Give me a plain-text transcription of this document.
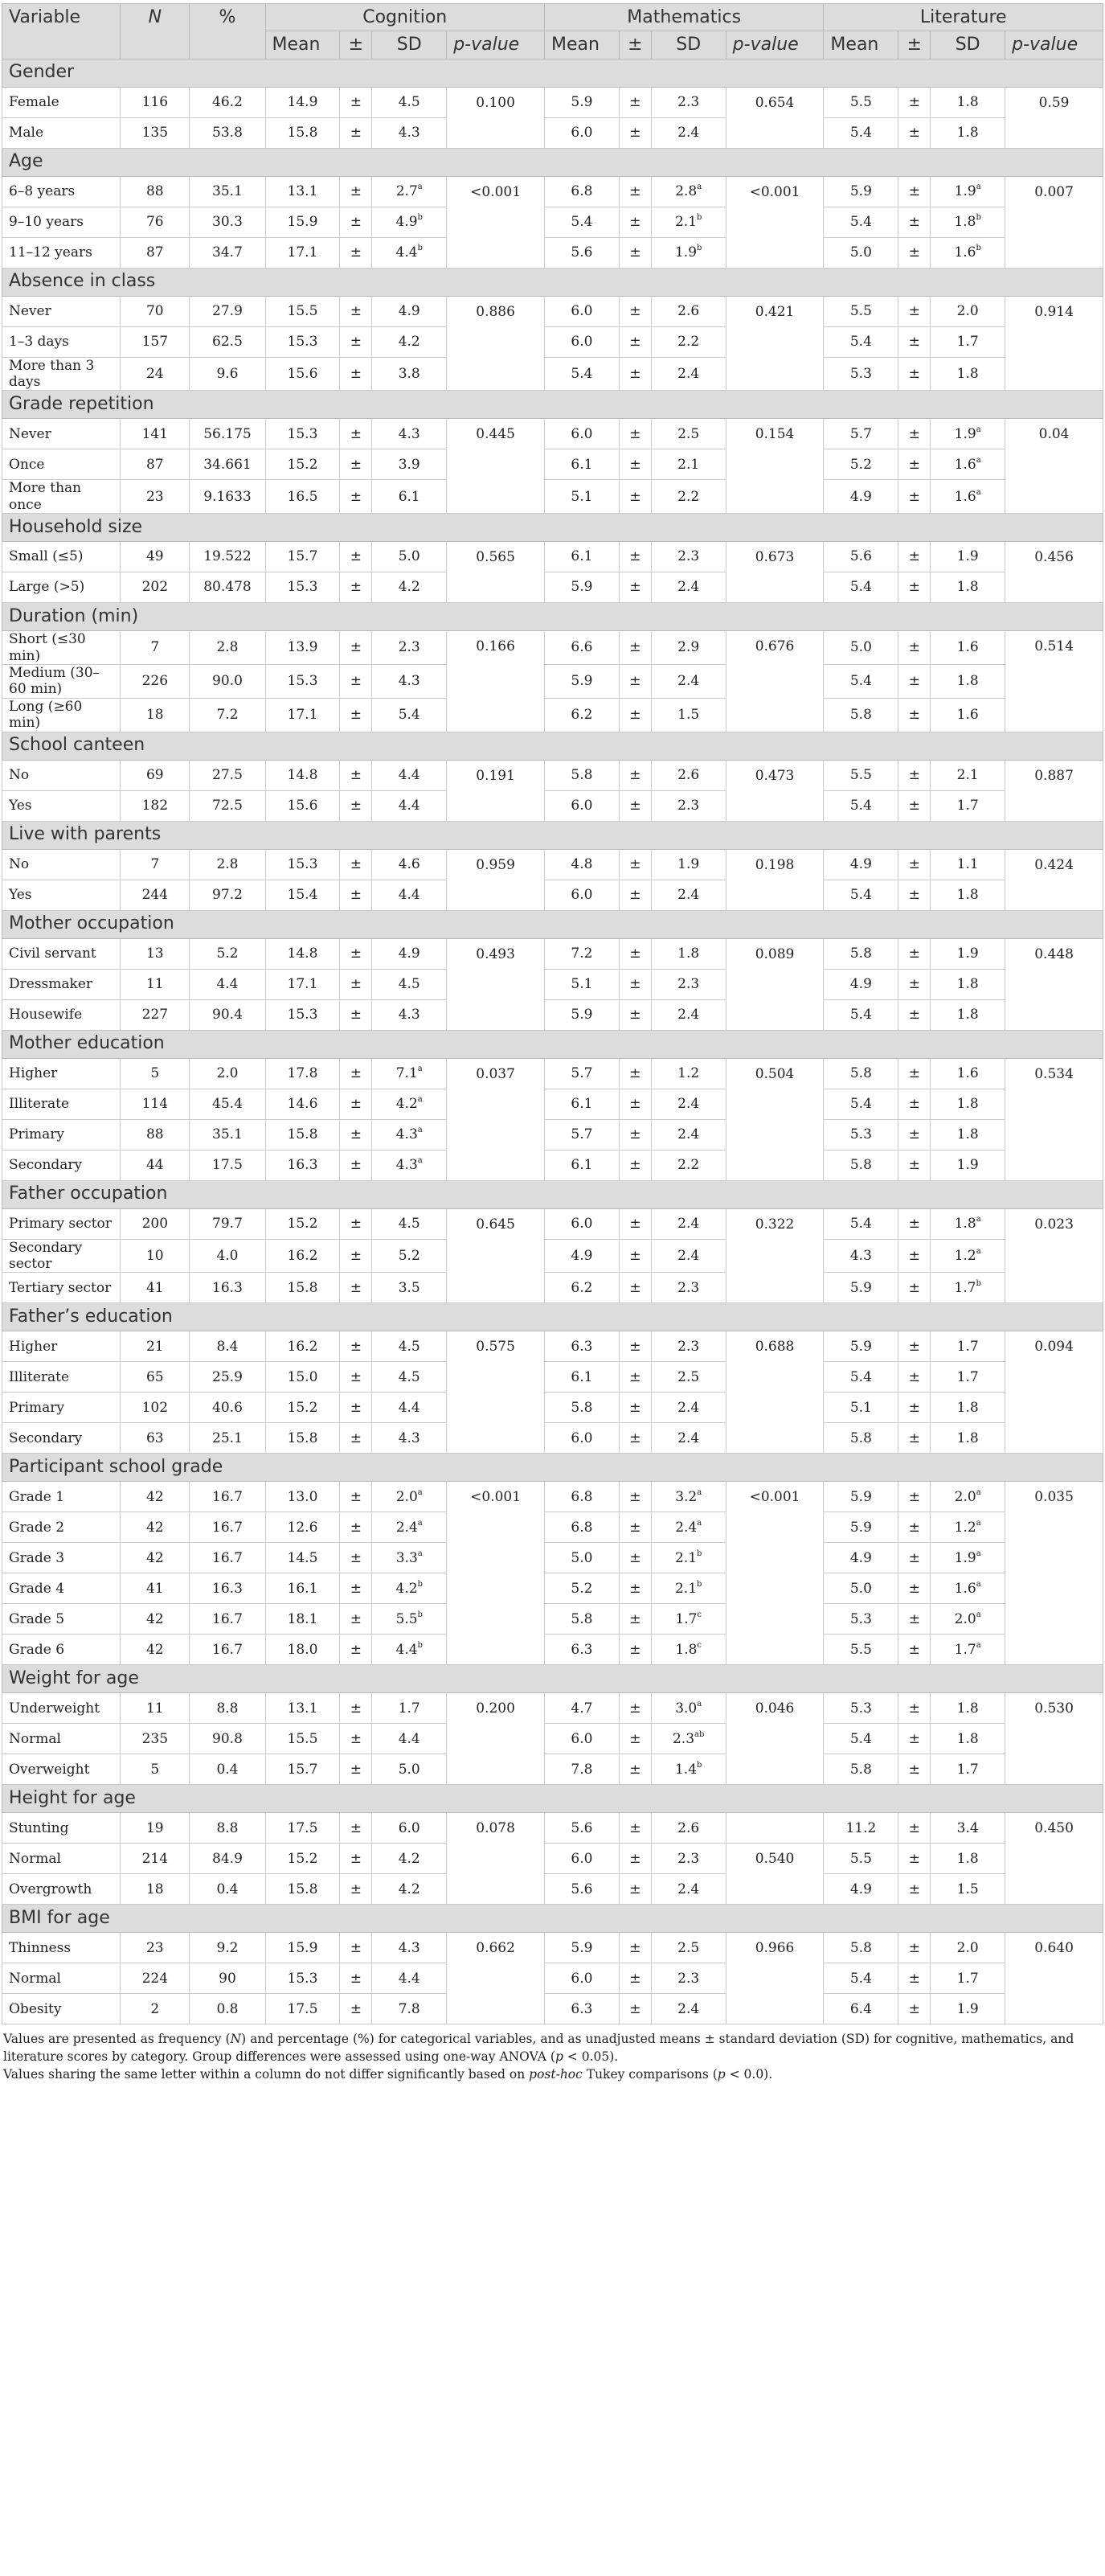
Variable	N	%	Cognition				Mathematics				Literature			
			Mean	±	SD	p-value	Mean	±	SD	p-value	Mean	±	SD	p-value
Gender														
Female	116	46.2	14.9	±	4.5	0.100	5.9	±	2.3	0.654	5.5	±	1.8	0.59
Male	135	53.8	15.8	±	4.3		6.0	±	2.4		5.4	±	1.8	
Age														
6–8 years	88	35.1	13.1	±	2.7$^a$	<0.001	6.8	±	2.8$^a$	<0.001	5.9	±	1.9$^a$	0.007
9–10 years	76	30.3	15.9	±	4.9$^b$		5.4	±	2.1$^b$		5.4	±	1.8$^b$
11–12 years	87	34.7	17.1	±	4.4$^b$		5.6	±	1.9$^b$		5.0	±	1.6$^b$
Absence in class														
Never	70	27.9	15.5	±	4.9	0.886	6.0	±	2.6	0.421	5.5	±	2.0	0.914
1–3 days	157	62.5	15.3	±	4.2		6.0	±	2.2		5.4	±	1.7	
More than 3 days	24	9.6	15.6	±	3.8		5.4	±	2.4		5.3	±	1.8	
Grade repetition														
Never	141	56.175	15.3	±	4.3	0.445	6.0	±	2.5	0.154	5.7	±	1.9$^a$	0.04
Once	87	34.661	15.2	±	3.9		6.1	±	2.1		5.2	±	1.6$^a$
More than once	23	9.1633	16.5	±	6.1		5.1	±	2.2		4.9	±	1.6$^a$
Household size														
Small (≤5)	49	19.522	15.7	±	5.0	0.565	6.1	±	2.3	0.673	5.6	±	1.9	0.456
Large (>5)	202	80.478	15.3	±	4.2		5.9	±	2.4		5.4	±	1.8	
Duration (min)														
Short (≤30 min)	7	2.8	13.9	±	2.3	0.166	6.6	±	2.9	0.676	5.0	±	1.6	0.514
Medium (30–60 min)	226	90.0	15.3	±	4.3		5.9	±	2.4		5.4	±	1.8	
Long (≥60 min)	18	7.2	17.1	±	5.4		6.2	±	1.5		5.8	±	1.6	
School canteen														
No	69	27.5	14.8	±	4.4	0.191	5.8	±	2.6	0.473	5.5	±	2.1	0.887
Yes	182	72.5	15.6	±	4.4		6.0	±	2.3		5.4	±	1.7	
Live with parents														
No	7	2.8	15.3	±	4.6	0.959	4.8	±	1.9	0.198	4.9	±	1.1	0.424
Yes	244	97.2	15.4	±	4.4		6.0	±	2.4		5.4	±	1.8	
Mother occupation														
Civil servant	13	5.2	14.8	±	4.9	0.493	7.2	±	1.8	0.089	5.8	±	1.9	0.448
Dressmaker	11	4.4	17.1	±	4.5		5.1	±	2.3		4.9	±	1.8	
Housewife	227	90.4	15.3	±	4.3		5.9	±	2.4		5.4	±	1.8	
Mother education														
Higher	5	2.0	17.8	±	7.1$^a$	0.037	5.7	±	1.2	0.504	5.8	±	1.6	0.534
Illiterate	114	45.4	14.6	±	4.2$^a$		6.1	±	2.4		5.4	±	1.8	
Primary	88	35.1	15.8	±	4.3$^a$		5.7	±	2.4		5.3	±	1.8	
Secondary	44	17.5	16.3	±	4.3$^a$		6.1	±	2.2		5.8	±	1.9	
Father occupation														
Primary sector	200	79.7	15.2	±	4.5	0.645	6.0	±	2.4	0.322	5.4	±	1.8$^a$	0.023
Secondary sector	10	4.0	16.2	±	5.2		4.9	±	2.4		4.3	±	1.2$^a$
Tertiary sector	41	16.3	15.8	±	3.5		6.2	±	2.3		5.9	±	1.7$^b$
Father’s education														
Higher	21	8.4	16.2	±	4.5	0.575	6.3	±	2.3	0.688	5.9	±	1.7	0.094
Illiterate	65	25.9	15.0	±	4.5		6.1	±	2.5		5.4	±	1.7	
Primary	102	40.6	15.2	±	4.4		5.8	±	2.4		5.1	±	1.8	
Secondary	63	25.1	15.8	±	4.3		6.0	±	2.4		5.8	±	1.8	
Participant school grade														
Grade 1	42	16.7	13.0	±	2.0$^a$	<0.001	6.8	±	3.2$^a$	<0.001	5.9	±	2.0$^a$	0.035
Grade 2	42	16.7	12.6	±	2.4$^a$		6.8	±	2.4$^a$		5.9	±	1.2$^a$
Grade 3	42	16.7	14.5	±	3.3$^a$		5.0	±	2.1$^b$		4.9	±	1.9$^a$
Grade 4	41	16.3	16.1	±	4.2$^b$		5.2	±	2.1$^b$		5.0	±	1.6$^a$
Grade 5	42	16.7	18.1	±	5.5$^b$		5.8	±	1.7$^c$		5.3	±	2.0$^a$
Grade 6	42	16.7	18.0	±	4.4$^b$		6.3	±	1.8$^c$		5.5	±	1.7$^a$
Weight for age														
Underweight	11	8.8	13.1	±	1.7	0.200	4.7	±	3.0$^a$	0.046	5.3	±	1.8	0.530
Normal	235	90.8	15.5	±	4.4		6.0	±	2.3$^{ab}$		5.4	±	1.8	
Overweight	5	0.4	15.7	±	5.0		7.8	±	1.4$^b$		5.8	±	1.7	
Height for age														
Stunting	19	8.8	17.5	±	6.0	0.078	5.6	±	2.6		11.2	±	3.4	0.450
Normal	214	84.9	15.2	±	4.2		6.0	±	2.3	0.540	5.5	±	1.8	
Overgrowth	18	0.4	15.8	±	4.2		5.6	±	2.4		4.9	±	1.5	
BMI for age														
Thinness	23	9.2	15.9	±	4.3	0.662	5.9	±	2.5	0.966	5.8	±	2.0	0.640
Normal	224	90	15.3	±	4.4		6.0	±	2.3		5.4	±	1.7	
Obesity	2	0.8	17.5	±	7.8		6.3	±	2.4		6.4	±	1.9	
Values are presented as frequency (N) and percentage (%) for categorical variables, and as unadjusted means ± standard deviation (SD) for cognitive, mathematics, and literature scores by category. Group differences were assessed using one-way ANOVA (p < 0.05).
Values sharing the same letter within a column do not differ significantly based on post-hoc Tukey comparisons (p < 0.0).
